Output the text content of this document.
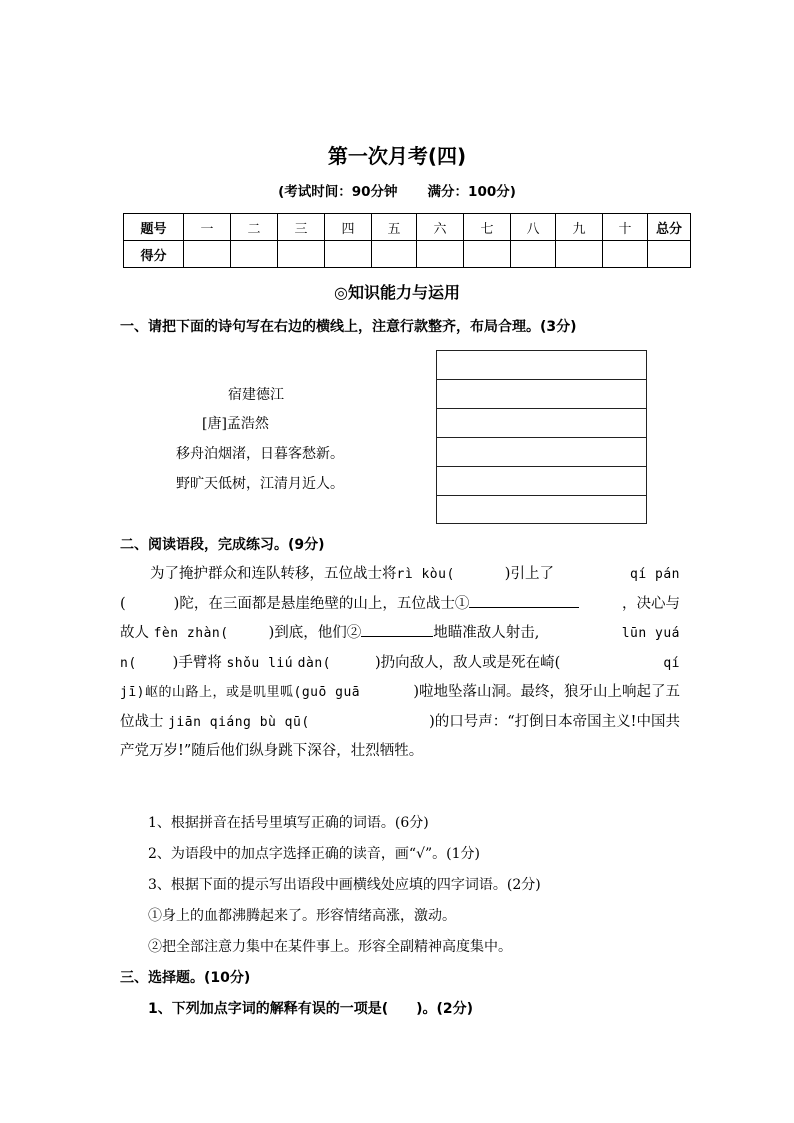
第一次月考(四)
(考试时间：90分钟 满分：100分)
题号	一	二	三	四	五	六	七	八	九	十	总分
得分											
◎知识能力与运用
一、请把下面的诗句写在右边的横线上，注意行款整齐，布局合理。(3分)
宿建德江
[唐]孟浩然
移舟泊烟渚，日暮客愁新。
野旷天低树，江清月近人。
二、阅读语段，完成练习。(9分)
为了掩护群众和连队转移，五位战士将rì kòu(	)引上了	qí pán
(	)陀，在三面都是悬崖绝壁的山上，五位战士①	，决心与
故人 fèn zhàn(	)到底，他们②	地瞄准敌人射击,	lūn yuá
n( )手臂将 shǒu liú dàn(	)扔向敌人，敌人或是死在崎(	qí
jī)岖的山路上，或是叽里呱(guō guā	)啦地坠落山洞。最终，狼牙山上响起了五
位战士 jiān qiáng bù qū(	)的口号声：“打倒日本帝国主义!中国共
产党万岁!”随后他们纵身跳下深谷，壮烈牺牲。
1、根据拼音在括号里填写正确的词语。(6分)
2、为语段中的加点字选择正确的读音，画“√”。(1分)
3、根据下面的提示写出语段中画横线处应填的四字词语。(2分)
①身上的血都沸腾起来了。形容情绪高涨，激动。
②把全部注意力集中在某件事上。形容全副精神高度集中。
三、选择题。(10分)
1、下列加点字词的解释有误的一项是(　　)。(2分)
